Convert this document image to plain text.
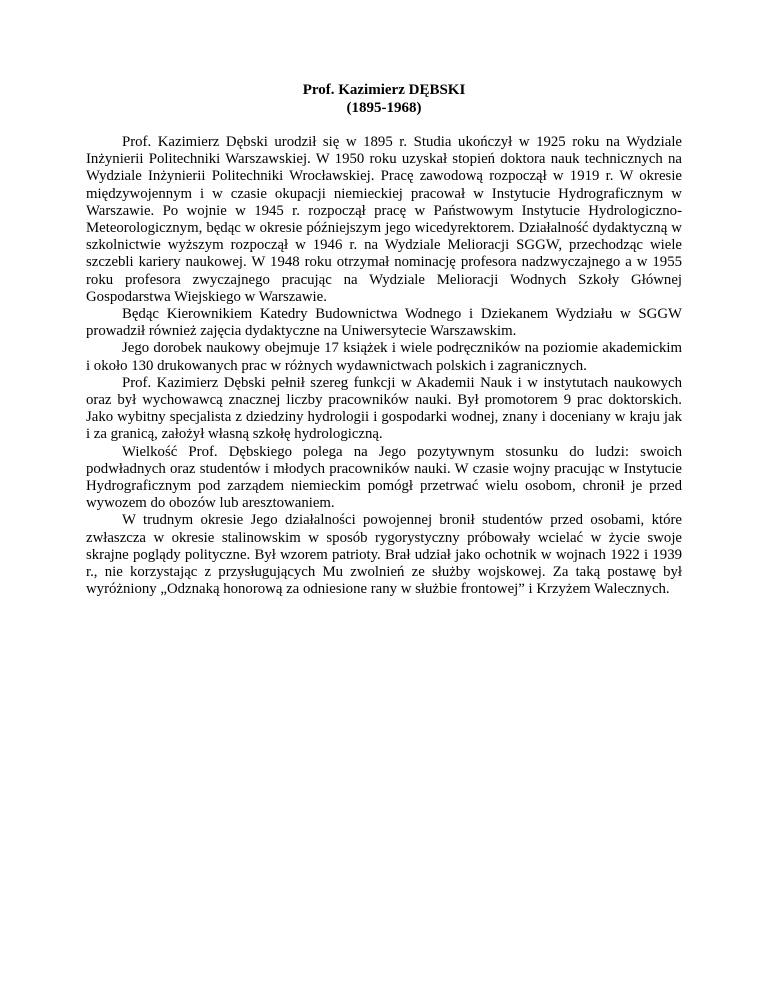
Prof. Kazimierz DĘBSKI
(1895-1968)

Prof. Kazimierz Dębski urodził się w 1895 r. Studia ukończył w 1925 roku na Wydziale Inżynierii Politechniki Warszawskiej. W 1950 roku uzyskał stopień doktora nauk technicznych na Wydziale Inżynierii Politechniki Wrocławskiej. Pracę zawodową rozpoczął w 1919 r. W okresie międzywojennym i w czasie okupacji niemieckiej pracował w Instytucie Hydrograficznym w Warszawie. Po wojnie w 1945 r. rozpoczął pracę w Państwowym Instytucie Hydrologiczno-Meteorologicznym, będąc w okresie późniejszym jego wicedyrektorem. Działalność dydaktyczną w szkolnictwie wyższym rozpoczął w 1946 r. na Wydziale Melioracji SGGW, przechodząc wiele szczebli kariery naukowej. W 1948 roku otrzymał nominację profesora nadzwyczajnego a w 1955 roku profesora zwyczajnego pracując na Wydziale Melioracji Wodnych Szkoły Głównej Gospodarstwa Wiejskiego w Warszawie.

Będąc Kierownikiem Katedry Budownictwa Wodnego i Dziekanem Wydziału w SGGW prowadził również zajęcia dydaktyczne na Uniwersytecie Warszawskim.

Jego dorobek naukowy obejmuje 17 książek i wiele podręczników na poziomie akademickim i około 130 drukowanych prac w różnych wydawnictwach polskich i zagranicznych.

Prof. Kazimierz Dębski pełnił szereg funkcji w Akademii Nauk i w instytutach naukowych oraz był wychowawcą znacznej liczby pracowników nauki. Był promotorem 9 prac doktorskich. Jako wybitny specjalista z dziedziny hydrologii i gospodarki wodnej, znany i doceniany w kraju jak i za granicą, założył własną szkołę hydrologiczną.

Wielkość Prof. Dębskiego polega na Jego pozytywnym stosunku do ludzi: swoich podwładnych oraz studentów i młodych pracowników nauki. W czasie wojny pracując w Instytucie Hydrograficznym pod zarządem niemieckim pomógł przetrwać wielu osobom, chronił je przed wywozem do obozów lub aresztowaniem.

W trudnym okresie Jego działalności powojennej bronił studentów przed osobami, które zwłaszcza w okresie stalinowskim w sposób rygorystyczny próbowały wcielać w życie swoje skrajne poglądy polityczne. Był wzorem patrioty. Brał udział jako ochotnik w wojnach 1922 i 1939 r., nie korzystając z przysługujących Mu zwolnień ze służby wojskowej. Za taką postawę był wyróżniony „Odznaką honorową za odniesione rany w służbie frontowej” i Krzyżem Walecznych.
